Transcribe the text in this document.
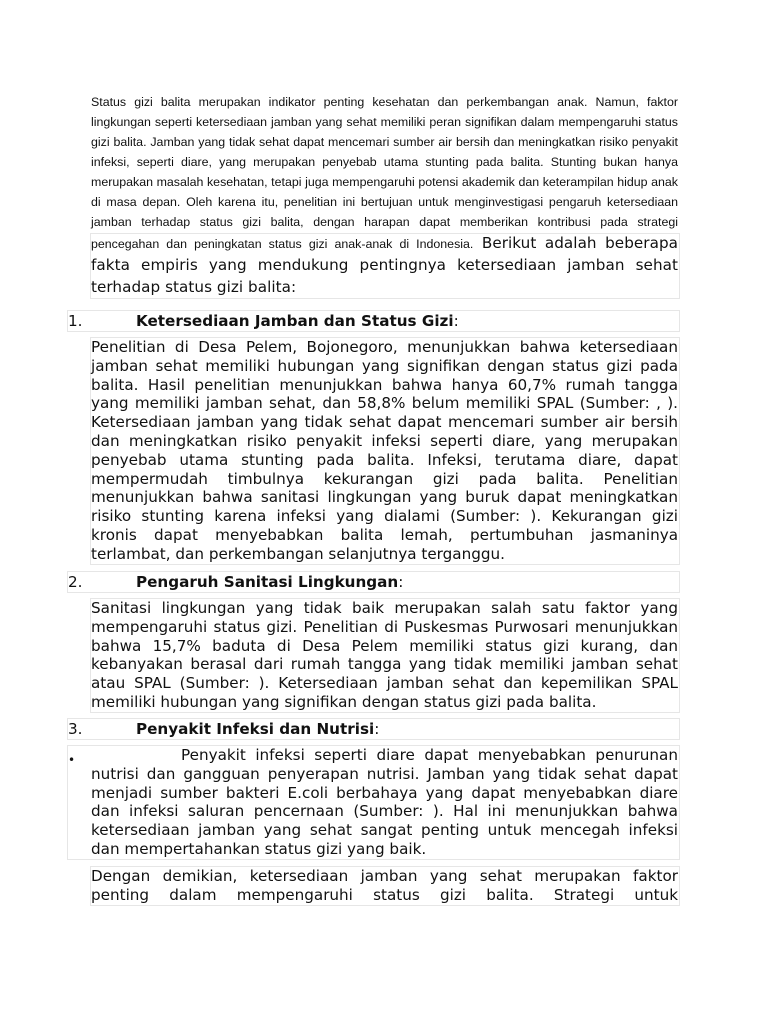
Status gizi balita merupakan indikator penting kesehatan dan perkembangan anak. Namun, faktor lingkungan seperti ketersediaan jamban yang sehat memiliki peran signifikan dalam mempengaruhi status gizi balita. Jamban yang tidak sehat dapat mencemari sumber air bersih dan meningkatkan risiko penyakit infeksi, seperti diare, yang merupakan penyebab utama stunting pada balita. Stunting bukan hanya merupakan masalah kesehatan, tetapi juga mempengaruhi potensi akademik dan keterampilan hidup anak di masa depan. Oleh karena itu, penelitian ini bertujuan untuk menginvestigasi pengaruh ketersediaan jamban terhadap status gizi balita, dengan harapan dapat memberikan kontribusi pada strategi pencegahan dan peningkatan status gizi anak-anak di Indonesia. Berikut adalah beberapa fakta empiris yang mendukung pentingnya ketersediaan jamban sehat terhadap status gizi balita:
1.	Ketersediaan Jamban dan Status Gizi:
Penelitian di Desa Pelem, Bojonegoro, menunjukkan bahwa ketersediaan jamban sehat memiliki hubungan yang signifikan dengan status gizi pada balita. Hasil penelitian menunjukkan bahwa hanya 60,7% rumah tangga yang memiliki jamban sehat, dan 58,8% belum memiliki SPAL (Sumber: , ). Ketersediaan jamban yang tidak sehat dapat mencemari sumber air bersih dan meningkatkan risiko penyakit infeksi seperti diare, yang merupakan penyebab utama stunting pada balita. Infeksi, terutama diare, dapat mempermudah timbulnya kekurangan gizi pada balita. Penelitian menunjukkan bahwa sanitasi lingkungan yang buruk dapat meningkatkan risiko stunting karena infeksi yang dialami (Sumber: ). Kekurangan gizi kronis dapat menyebabkan balita lemah, pertumbuhan jasmaninya terlambat, dan perkembangan selanjutnya terganggu.
2.	Pengaruh Sanitasi Lingkungan:
Sanitasi lingkungan yang tidak baik merupakan salah satu faktor yang mempengaruhi status gizi. Penelitian di Puskesmas Purwosari menunjukkan bahwa 15,7% baduta di Desa Pelem memiliki status gizi kurang, dan kebanyakan berasal dari rumah tangga yang tidak memiliki jamban sehat atau SPAL (Sumber: ). Ketersediaan jamban sehat dan kepemilikan SPAL memiliki hubungan yang signifikan dengan status gizi pada balita.
3.	Penyakit Infeksi dan Nutrisi:
•	Penyakit infeksi seperti diare dapat menyebabkan penurunan nutrisi dan gangguan penyerapan nutrisi. Jamban yang tidak sehat dapat menjadi sumber bakteri E.coli berbahaya yang dapat menyebabkan diare dan infeksi saluran pencernaan (Sumber: ). Hal ini menunjukkan bahwa ketersediaan jamban yang sehat sangat penting untuk mencegah infeksi dan mempertahankan status gizi yang baik.
Dengan demikian, ketersediaan jamban yang sehat merupakan faktor penting dalam mempengaruhi status gizi balita. Strategi untuk
